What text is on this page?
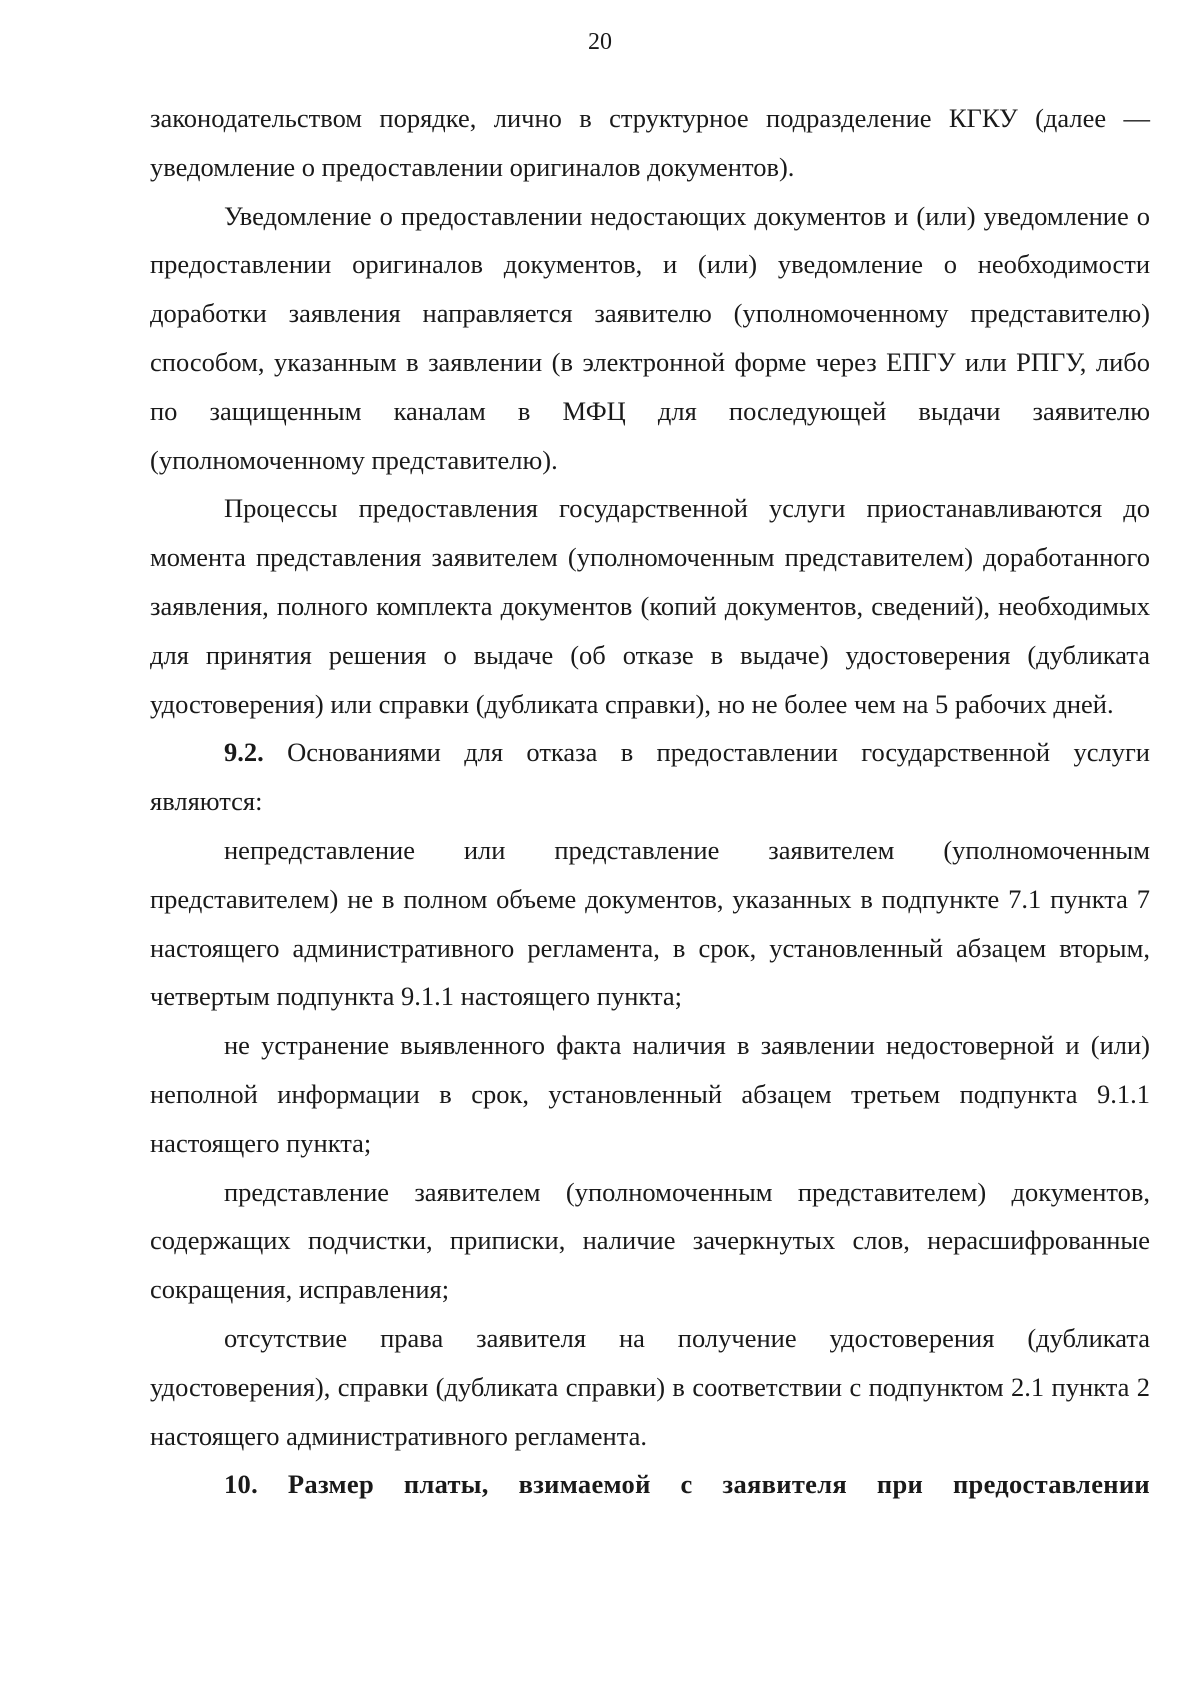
20

законодательством порядке, лично в структурное подразделение КГКУ (далее — уведомление о предоставлении оригиналов документов).

Уведомление о предоставлении недостающих документов и (или) уведомление о предоставлении оригиналов документов, и (или) уведомление о необходимости доработки заявления направляется заявителю (уполномоченному представителю) способом, указанным в заявлении (в электронной форме через ЕПГУ или РПГУ, либо по защищенным каналам в МФЦ для последующей выдачи заявителю (уполномоченному представителю).

Процессы предоставления государственной услуги приостанавливаются до момента представления заявителем (уполномоченным представителем) доработанного заявления, полного комплекта документов (копий документов, сведений), необходимых для принятия решения о выдаче (об отказе в выдаче) удостоверения (дубликата удостоверения) или справки (дубликата справки), но не более чем на 5 рабочих дней.

9.2. Основаниями для отказа в предоставлении государственной услуги являются:

непредставление или представление заявителем (уполномоченным представителем) не в полном объеме документов, указанных в подпункте 7.1 пункта 7 настоящего административного регламента, в срок, установленный абзацем вторым, четвертым подпункта 9.1.1 настоящего пункта;

не устранение выявленного факта наличия в заявлении недостоверной и (или) неполной информации в срок, установленный абзацем третьем подпункта 9.1.1 настоящего пункта;

представление заявителем (уполномоченным представителем) документов, содержащих подчистки, приписки, наличие зачеркнутых слов, нерасшифрованные сокращения, исправления;

отсутствие права заявителя на получение удостоверения (дубликата удостоверения), справки (дубликата справки) в соответствии с подпунктом 2.1 пункта 2 настоящего административного регламента.

10. Размер платы, взимаемой с заявителя при предоставлении
